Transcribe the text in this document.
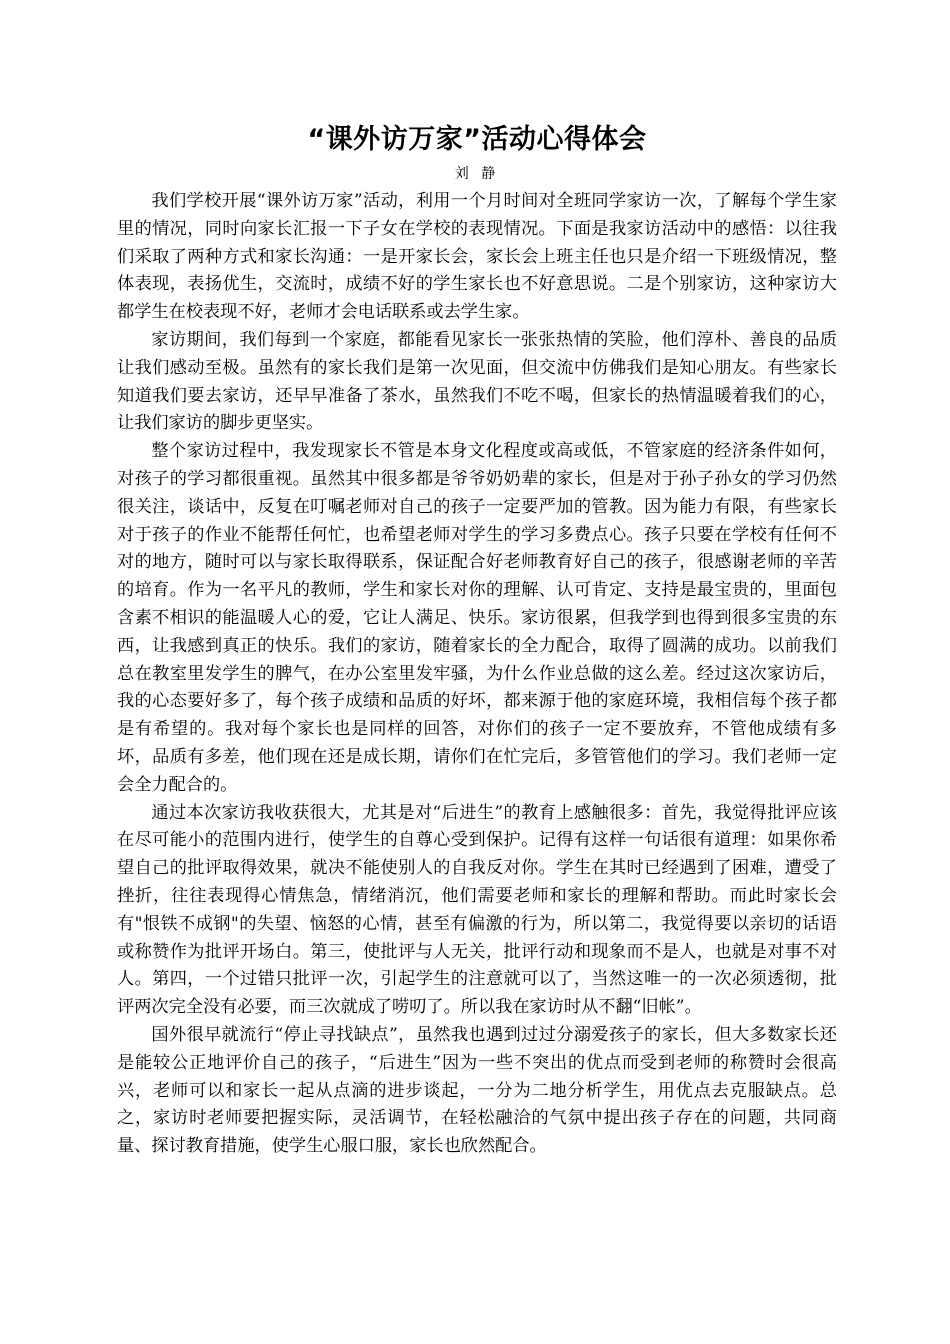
“课外访万家”活动心得体会
刘 静

我们学校开展“课外访万家”活动，利用一个月时间对全班同学家访一次，了解每个学生家里的情况，同时向家长汇报一下子女在学校的表现情况。下面是我家访活动中的感悟：以往我们采取了两种方式和家长沟通：一是开家长会，家长会上班主任也只是介绍一下班级情况，整体表现，表扬优生，交流时，成绩不好的学生家长也不好意思说。二是个别家访，这种家访大都学生在校表现不好，老师才会电话联系或去学生家。

家访期间，我们每到一个家庭，都能看见家长一张张热情的笑脸，他们淳朴、善良的品质让我们感动至极。虽然有的家长我们是第一次见面，但交流中仿佛我们是知心朋友。有些家长知道我们要去家访，还早早准备了茶水，虽然我们不吃不喝，但家长的热情温暖着我们的心，让我们家访的脚步更坚实。

整个家访过程中，我发现家长不管是本身文化程度或高或低，不管家庭的经济条件如何，对孩子的学习都很重视。虽然其中很多都是爷爷奶奶辈的家长，但是对于孙子孙女的学习仍然很关注，谈话中，反复在叮嘱老师对自己的孩子一定要严加的管教。因为能力有限，有些家长对于孩子的作业不能帮任何忙，也希望老师对学生的学习多费点心。孩子只要在学校有任何不对的地方，随时可以与家长取得联系，保证配合好老师教育好自己的孩子，很感谢老师的辛苦的培育。作为一名平凡的教师，学生和家长对你的理解、认可肯定、支持是最宝贵的，里面包含素不相识的能温暖人心的爱，它让人满足、快乐。家访很累，但我学到也得到很多宝贵的东西，让我感到真正的快乐。我们的家访，随着家长的全力配合，取得了圆满的成功。以前我们总在教室里发学生的脾气，在办公室里发牢骚，为什么作业总做的这么差。经过这次家访后，我的心态要好多了，每个孩子成绩和品质的好坏，都来源于他的家庭环境，我相信每个孩子都是有希望的。我对每个家长也是同样的回答，对你们的孩子一定不要放弃，不管他成绩有多坏，品质有多差，他们现在还是成长期，请你们在忙完后，多管管他们的学习。我们老师一定会全力配合的。

通过本次家访我收获很大，尤其是对“后进生”的教育上感触很多：首先，我觉得批评应该在尽可能小的范围内进行，使学生的自尊心受到保护。记得有这样一句话很有道理：如果你希望自己的批评取得效果，就决不能使别人的自我反对你。学生在其时已经遇到了困难，遭受了挫折，往往表现得心情焦急，情绪消沉，他们需要老师和家长的理解和帮助。而此时家长会有"恨铁不成钢"的失望、恼怒的心情，甚至有偏激的行为，所以第二，我觉得要以亲切的话语或称赞作为批评开场白。第三，使批评与人无关，批评行动和现象而不是人，也就是对事不对人。第四，一个过错只批评一次，引起学生的注意就可以了，当然这唯一的一次必须透彻，批评两次完全没有必要，而三次就成了唠叨了。所以我在家访时从不翻“旧帐”。

国外很早就流行“停止寻找缺点”，虽然我也遇到过过分溺爱孩子的家长，但大多数家长还是能较公正地评价自己的孩子，“后进生”因为一些不突出的优点而受到老师的称赞时会很高兴，老师可以和家长一起从点滴的进步谈起，一分为二地分析学生，用优点去克服缺点。总之，家访时老师要把握实际，灵活调节，在轻松融洽的气氛中提出孩子存在的问题，共同商量、探讨教育措施，使学生心服口服，家长也欣然配合。
